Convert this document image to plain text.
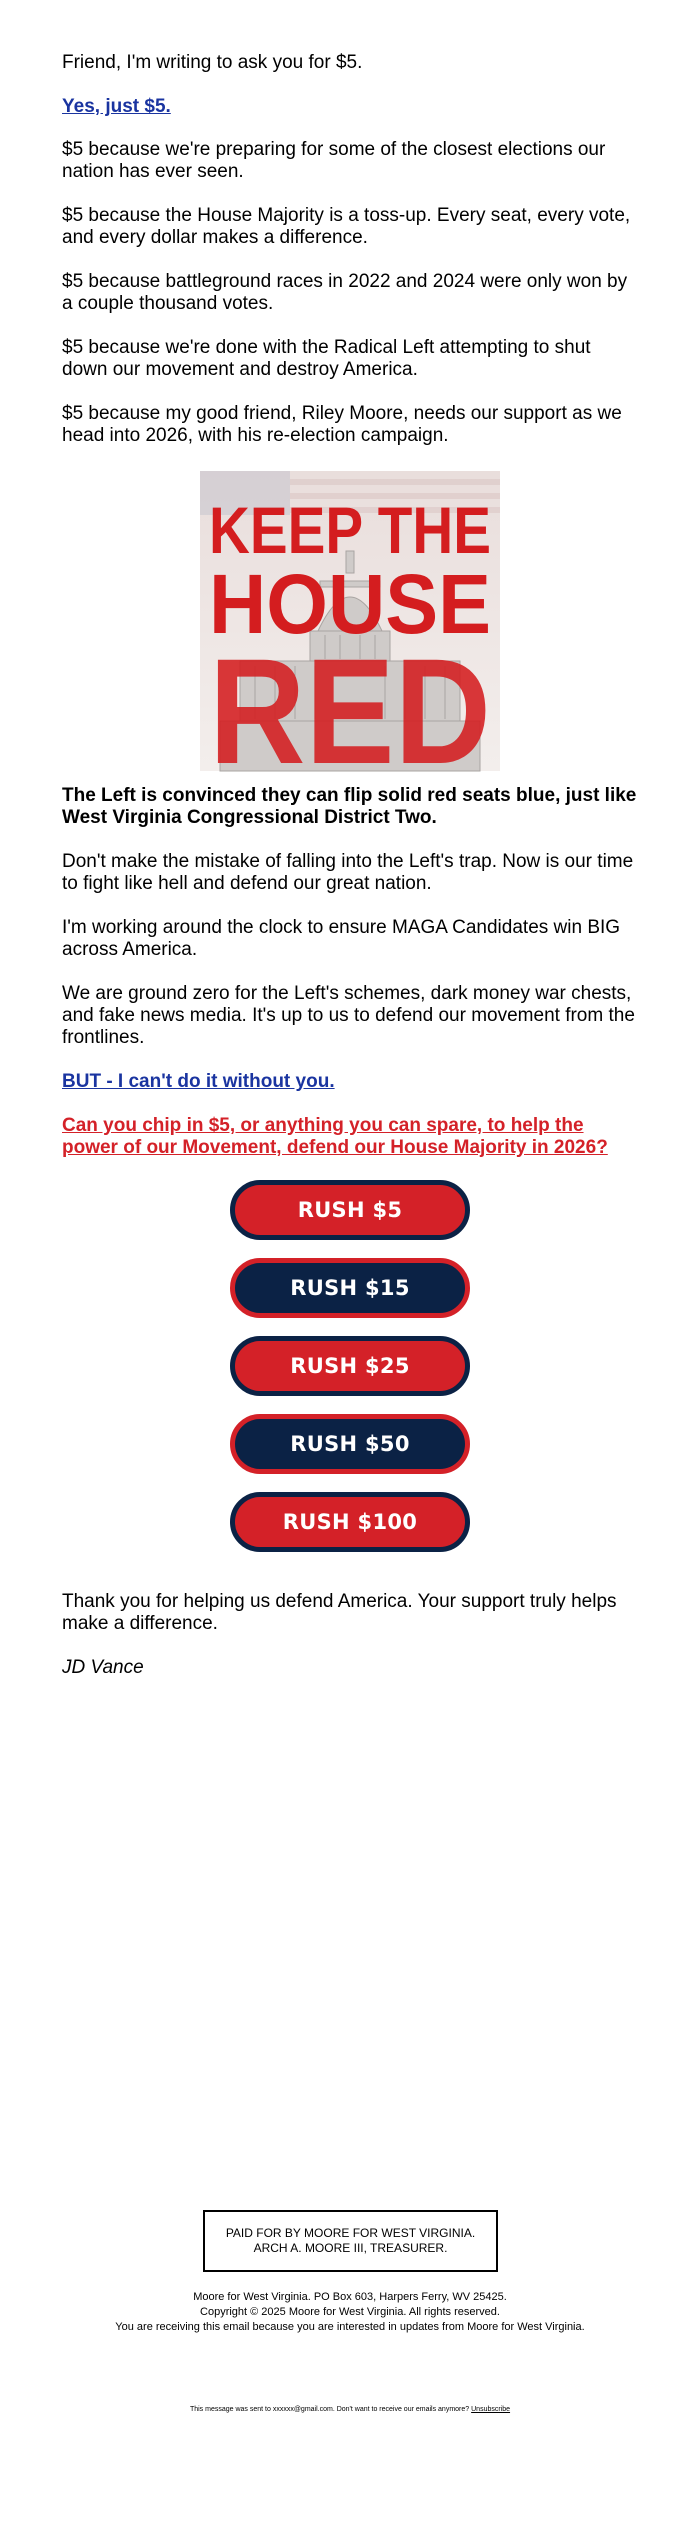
Friend, I'm writing to ask you for $5.
Yes, just $5.
$5 because we're preparing for some of the closest elections our nation has ever seen.
$5 because the House Majority is a toss-up. Every seat, every vote, and every dollar makes a difference.
$5 because battleground races in 2022 and 2024 were only won by a couple thousand votes.
$5 because we're done with the Radical Left attempting to shut down our movement and destroy America.
$5 because my good friend, Riley Moore, needs our support as we head into 2026, with his re-election campaign.
KEEP THE
HOUSE
RED
The Left is convinced they can flip solid red seats blue, just like West Virginia Congressional District Two.
Don't make the mistake of falling into the Left's trap. Now is our time to fight like hell and defend our great nation.
I'm working around the clock to ensure MAGA Candidates win BIG across America.
We are ground zero for the Left's schemes, dark money war chests, and fake news media. It's up to us to defend our movement from the frontlines.
BUT - I can't do it without you.
Can you chip in $5, or anything you can spare, to help the power of our Movement, defend our House Majority in 2026?
RUSH $5
RUSH $15
RUSH $25
RUSH $50
RUSH $100
Thank you for helping us defend America. Your support truly helps make a difference.
JD Vance
PAID FOR BY MOORE FOR WEST VIRGINIA.
ARCH A. MOORE III, TREASURER.
Moore for West Virginia. PO Box 603, Harpers Ferry, WV 25425.
Copyright © 2025 Moore for West Virginia. All rights reserved.
You are receiving this email because you are interested in updates from Moore for West Virginia.
This message was sent to xxxxxx@gmail.com. Don't want to receive our emails anymore? Unsubscribe
